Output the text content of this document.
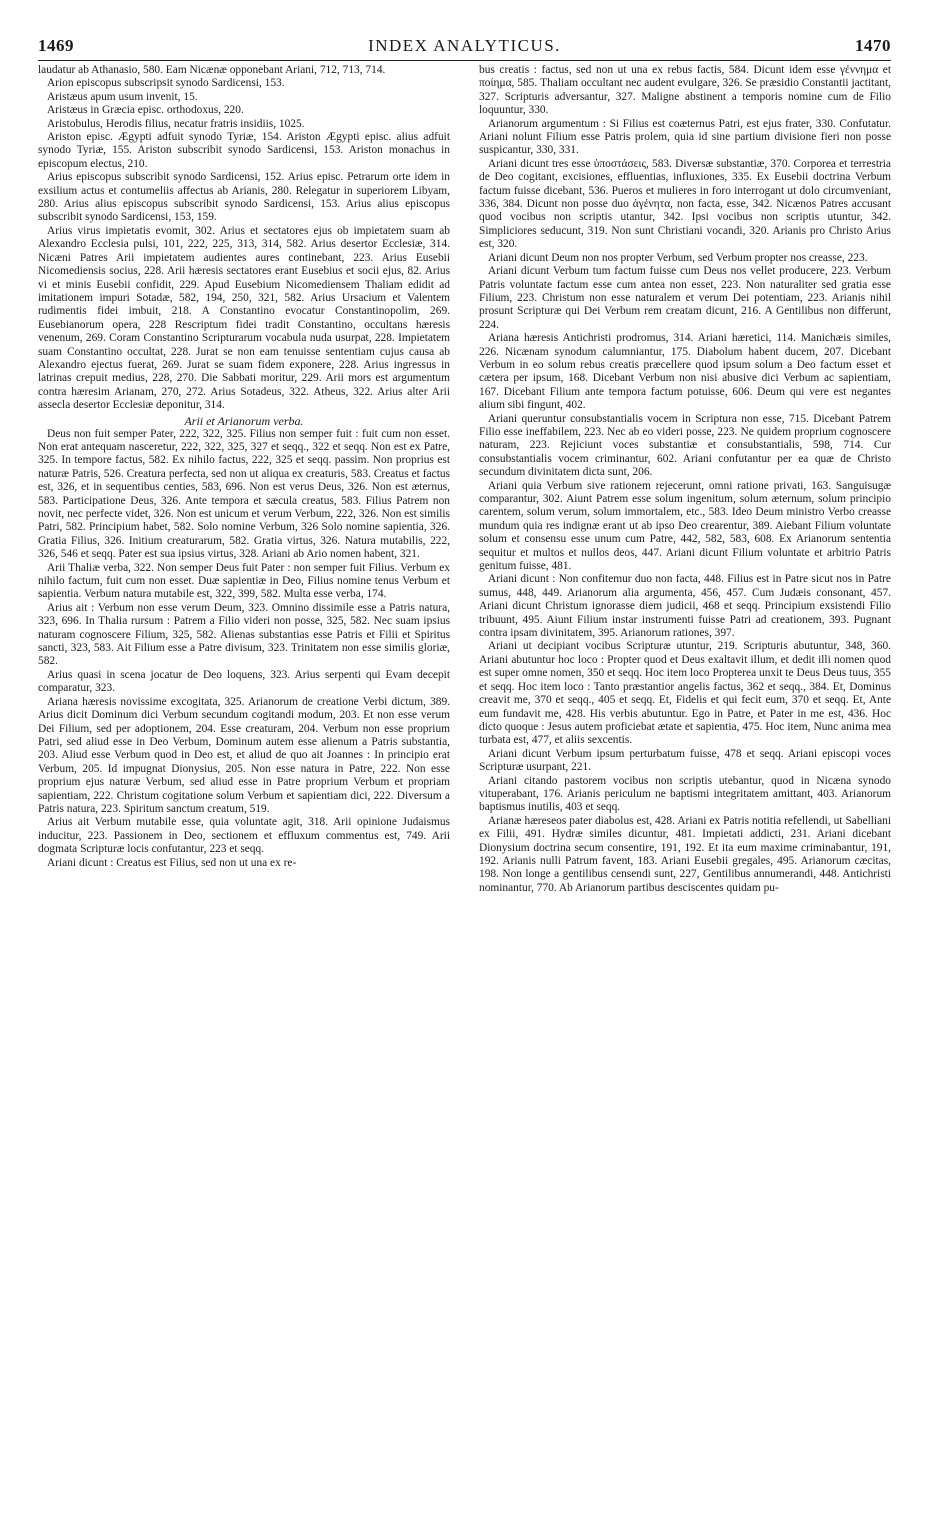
1469	INDEX ANALYTICUS.	1470

laudatur ab Athanasio, 580. Eam Nicænæ opponebant Ariani, 712, 713, 714.

Arion episcopus subscripsit synodo Sardicensi, 153.

Aristæus apum usum invenit, 15.

Aristæus in Græcia episc. orthodoxus, 220.

Aristobulus, Herodis filius, necatur fratris insidiis, 1025.

Ariston episc. Ægypti adfuit synodo Tyriæ, 154. Ariston Ægypti episc. alius adfuit synodo Tyriæ, 155. Ariston subscribit synodo Sardicensi, 153. Ariston monachus in episcopum electus, 210.

Arius episcopus subscribit synodo Sardicensi, 152. Arius episc. Petrarum orte idem in exsilium actus et contumeliis affectus ab Arianis, 280. Relegatur in superiorem Libyam, 280. Arius alius episcopus subscribit synodo Sardicensi, 153. Arius alius episcopus subscribit synodo Sardicensi, 153, 159.

Arius virus impietatis evomit, 302. Arius et sectatores ejus ob impietatem suam ab Alexandro Ecclesia pulsi, 101, 222, 225, 313, 314, 582. Arius desertor Ecclesiæ, 314. Nicæni Patres Arii impietatem audientes aures continebant, 223. Arius Eusebii Nicomediensis socius, 228. Arii hæresis sectatores erant Eusebius et socii ejus, 82. Arius vi et minis Eusebii confidit, 229. Apud Eusebium Nicomediensem Thaliam edidit ad imitationem impuri Sotadæ, 582, 194, 250, 321, 582. Arius Ursacium et Valentem rudimentis fidei imbuit, 218. A Constantino evocatur Constantinopolim, 269. Eusebianorum opera, 228 Rescriptum fidei tradit Constantino, occultans hæresis venenum, 269. Coram Constantino Scripturarum vocabula nuda usurpat, 228. Impietatem suam Constantino occultat, 228. Jurat se non eam tenuisse sententiam cujus causa ab Alexandro ejectus fuerat, 269. Jurat se suam fidem exponere, 228. Arius ingressus in latrinas crepuit medius, 228, 270. Die Sabbati moritur, 229. Arii mors est argumentum contra hæresim Arianam, 270, 272. Arius Sotadeus, 322. Atheus, 322. Arius alter Arii assecla desertor Ecclesiæ deponitur, 314.

Arii et Arianorum verba.

Deus non fuit semper Pater, 222, 322, 325. Filius non semper fuit : fuit cum non esset. Non erat antequam nasceretur, 222, 322, 325, 327 et seqq., 322 et seqq. Non est ex Patre, 325. In tempore factus, 582. Ex nihilo factus, 222, 325 et seqq. passim. Non proprius est naturæ Patris, 526. Creatura perfecta, sed non ut aliqua ex creaturis, 583. Creatus et factus est, 326, et in sequentibus centies, 583, 696. Non est verus Deus, 326. Non est æternus, 583. Participatione Deus, 326. Ante tempora et sæcula creatus, 583. Filius Patrem non novit, nec perfecte videt, 326. Non est unicum et verum Verbum, 222, 326. Non est similis Patri, 582. Principium habet, 582. Solo nomine Verbum, 326 Solo nomine sapientia, 326. Gratia Filius, 326. Initium creaturarum, 582. Gratia virtus, 326. Natura mutabilis, 222, 326, 546 et seqq. Pater est sua ipsius virtus, 328. Ariani ab Ario nomen habent, 321.

Arii Thaliæ verba, 322. Non semper Deus fuit Pater : non semper fuit Filius. Verbum ex nihilo factum, fuit cum non esset. Duæ sapientiæ in Deo, Filius nomine tenus Verbum et sapientia. Verbum natura mutabile est, 322, 399, 582. Multa esse verba, 174.

Arius ait : Verbum non esse verum Deum, 323. Omnino dissimile esse a Patris natura, 323, 696. In Thalia rursum : Patrem a Filio videri non posse, 325, 582. Nec suam ipsius naturam cognoscere Filium, 325, 582. Alienas substantias esse Patris et Filii et Spiritus sancti, 323, 583. Ait Filium esse a Patre divisum, 323. Trinitatem non esse similis gloriæ, 582.

Arius quasi in scena jocatur de Deo loquens, 323. Arius serpenti qui Evam decepit comparatur, 323.

Ariana hæresis novissime excogitata, 325. Arianorum de creatione Verbi dictum, 389. Arius dicit Dominum dici Verbum secundum cogitandi modum, 203. Et non esse verum Dei Filium, sed per adoptionem, 204. Esse creaturam, 204. Verbum non esse proprium Patri, sed aliud esse in Deo Verbum, Dominum autem esse alienum a Patris substantia, 203. Aliud esse Verbum quod in Deo est, et aliud de quo ait Joannes : In principio erat Verbum, 205. Id impugnat Dionysius, 205. Non esse natura in Patre, 222. Non esse proprium ejus naturæ Verbum, sed aliud esse in Patre proprium Verbum et propriam sapientiam, 222. Christum cogitatione solum Verbum et sapientiam dici, 222. Diversum a Patris natura, 223. Spiritum sanctum creatum, 519.

Arius ait Verbum mutabile esse, quia voluntate agit, 318. Arii opinione Judaismus inducitur, 223. Passionem in Deo, sectionem et effluxum commentus est, 749. Arii dogmata Scripturæ locis confutantur, 223 et seqq.

Ariani dicunt : Creatus est Filius, sed non ut una ex re-

bus creatis : factus, sed non ut una ex rebus factis, 584. Dicunt idem esse γέννημα et ποίημα, 585. Thaliam occultant nec audent evulgare, 326. Se præsidio Constantii jactitant, 327. Scripturis adversantur, 327. Maligne abstinent a temporis nomine cum de Filio loquuntur, 330.

Arianorum argumentum : Si Filius est coæternus Patri, est ejus frater, 330. Confutatur. Ariani nolunt Filium esse Patris prolem, quia id sine partium divisione fieri non posse suspicantur, 330, 331.

Ariani dicunt tres esse ὑποστάσεις, 583. Diversæ substantiæ, 370. Corporea et terrestria de Deo cogitant, excisiones, effluentias, influxiones, 335. Ex Eusebii doctrina Verbum factum fuisse dicebant, 536. Pueros et mulieres in foro interrogant ut dolo circumveniant, 336, 384. Dicunt non posse duo ἀγένητα, non facta, esse, 342. Nicænos Patres accusant quod vocibus non scriptis utantur, 342. Ipsi vocibus non scriptis utuntur, 342. Simpliciores seducunt, 319. Non sunt Christiani vocandi, 320. Arianis pro Christo Arius est, 320.

Ariani dicunt Deum non nos propter Verbum, sed Verbum propter nos creasse, 223.

Ariani dicunt Verbum tum factum fuisse cum Deus nos vellet producere, 223. Verbum Patris voluntate factum esse cum antea non esset, 223. Non naturaliter sed gratia esse Filium, 223. Christum non esse naturalem et verum Dei potentiam, 223. Arianis nihil prosunt Scripturæ qui Dei Verbum rem creatam dicunt, 216. A Gentilibus non differunt, 224.

Ariana hæresis Antichristi prodromus, 314. Ariani hæretici, 114. Manichæis similes, 226. Nicænam synodum calumniantur, 175. Diabolum habent ducem, 207. Dicebant Verbum in eo solum rebus creatis præcellere quod ipsum solum a Deo factum esset et cætera per ipsum, 168. Dicebant Verbum non nisi abusive dici Verbum ac sapientiam, 167. Dicebant Filium ante tempora factum potuisse, 606. Deum qui vere est negantes alium sibi fingunt, 402.

Ariani queruntur consubstantialis vocem in Scriptura non esse, 715. Dicebant Patrem Filio esse ineffabilem, 223. Nec ab eo videri posse, 223. Ne quidem proprium cognoscere naturam, 223. Rejiciunt voces substantiæ et consubstantialis, 598, 714. Cur consubstantialis vocem criminantur, 602. Ariani confutantur per ea quæ de Christo secundum divinitatem dicta sunt, 206.

Ariani quia Verbum sive rationem rejecerunt, omni ratione privati, 163. Sanguisugæ comparantur, 302. Aiunt Patrem esse solum ingenitum, solum æternum, solum principio carentem, solum verum, solum immortalem, etc., 583. Ideo Deum ministro Verbo creasse mundum quia res indignæ erant ut ab ipso Deo crearentur, 389. Aiebant Filium voluntate solum et consensu esse unum cum Patre, 442, 582, 583, 608. Ex Arianorum sententia sequitur et multos et nullos deos, 447. Ariani dicunt Filium voluntate et arbitrio Patris genitum fuisse, 481.

Ariani dicunt : Non confitemur duo non facta, 448. Filius est in Patre sicut nos in Patre sumus, 448, 449. Arianorum alia argumenta, 456, 457. Cum Judæis consonant, 457. Ariani dicunt Christum ignorasse diem judicii, 468 et seqq. Principium exsistendi Filio tribuunt, 495. Aiunt Filium instar instrumenti fuisse Patri ad creationem, 393. Pugnant contra ipsam divinitatem, 395. Arianorum rationes, 397.

Ariani ut decipiant vocibus Scripturæ utuntur, 219. Scripturis abutuntur, 348, 360. Ariani abutuntur hoc loco : Propter quod et Deus exaltavit illum, et dedit illi nomen quod est super omne nomen, 350 et seqq. Hoc item loco Propterea unxit te Deus Deus tuus, 355 et seqq. Hoc item loco : Tanto præstantior angelis factus, 362 et seqq., 384. Et, Dominus creavit me, 370 et seqq., 405 et seqq. Et, Fidelis et qui fecit eum, 370 et seqq. Et, Ante eum fundavit me, 428. His verbis abutuntur. Ego in Patre, et Pater in me est, 436. Hoc dicto quoque : Jesus autem proficiebat ætate et sapientia, 475. Hoc item, Nunc anima mea turbata est, 477, et aliis sexcentis.

Ariani dicunt Verbum ipsum perturbatum fuisse, 478 et seqq. Ariani episcopi voces Scripturæ usurpant, 221.

Ariani citando pastorem vocibus non scriptis utebantur, quod in Nicæna synodo vituperabant, 176. Arianis periculum ne baptismi integritatem amittant, 403. Arianorum baptismus inutilis, 403 et seqq.

Arianæ hæreseos pater diabolus est, 428. Ariani ex Patris notitia refellendi, ut Sabelliani ex Filii, 491. Hydræ similes dicuntur, 481. Impietati addicti, 231. Ariani dicebant Dionysium doctrina secum consentire, 191, 192. Et ita eum maxime criminabantur, 191, 192. Arianis nulli Patrum favent, 183. Ariani Eusebii gregales, 495. Arianorum cæcitas, 198. Non longe a gentilibus censendi sunt, 227, Gentilibus annumerandi, 448. Antichristi nominantur, 770. Ab Arianorum partibus desciscentes quidam pu-
